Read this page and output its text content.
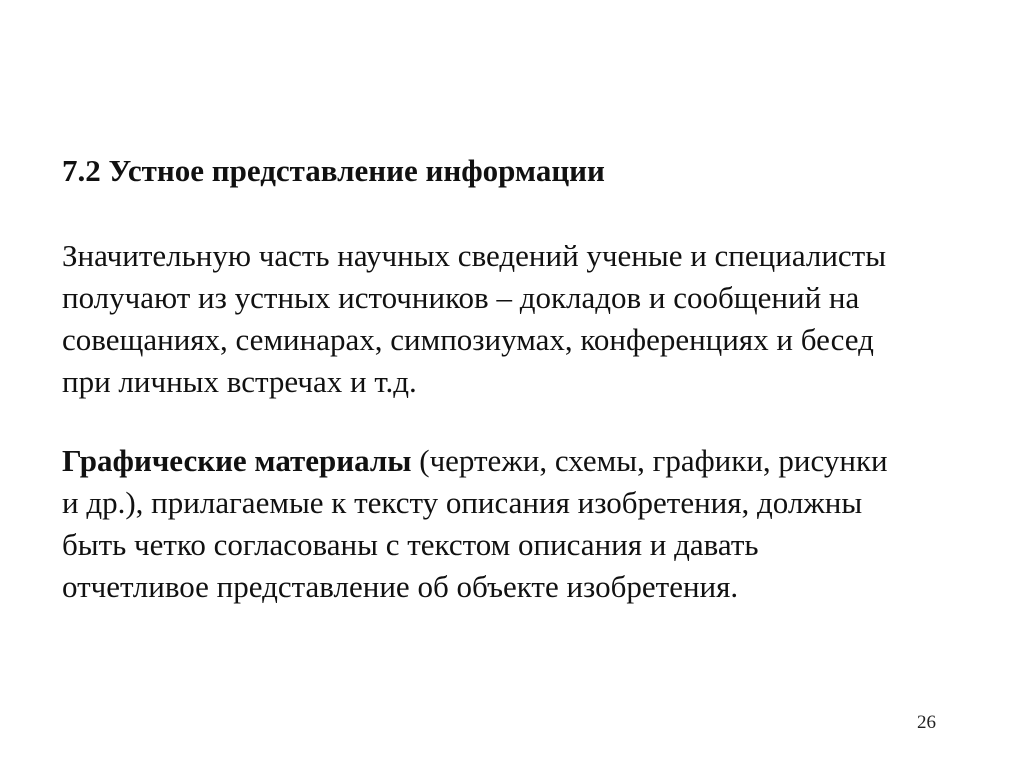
7.2 Устное представление информации

Значительную часть научных сведений ученые и специалисты
получают из устных источников – докладов и сообщений на
совещаниях, семинарах, симпозиумах, конференциях и бесед
при личных встречах и т.д.

Графические материалы (чертежи, схемы, графики, рисунки
и др.), прилагаемые к тексту описания изобретения, должны
быть четко согласованы с текстом описания и давать
отчетливое представление об объекте изобретения.

26
